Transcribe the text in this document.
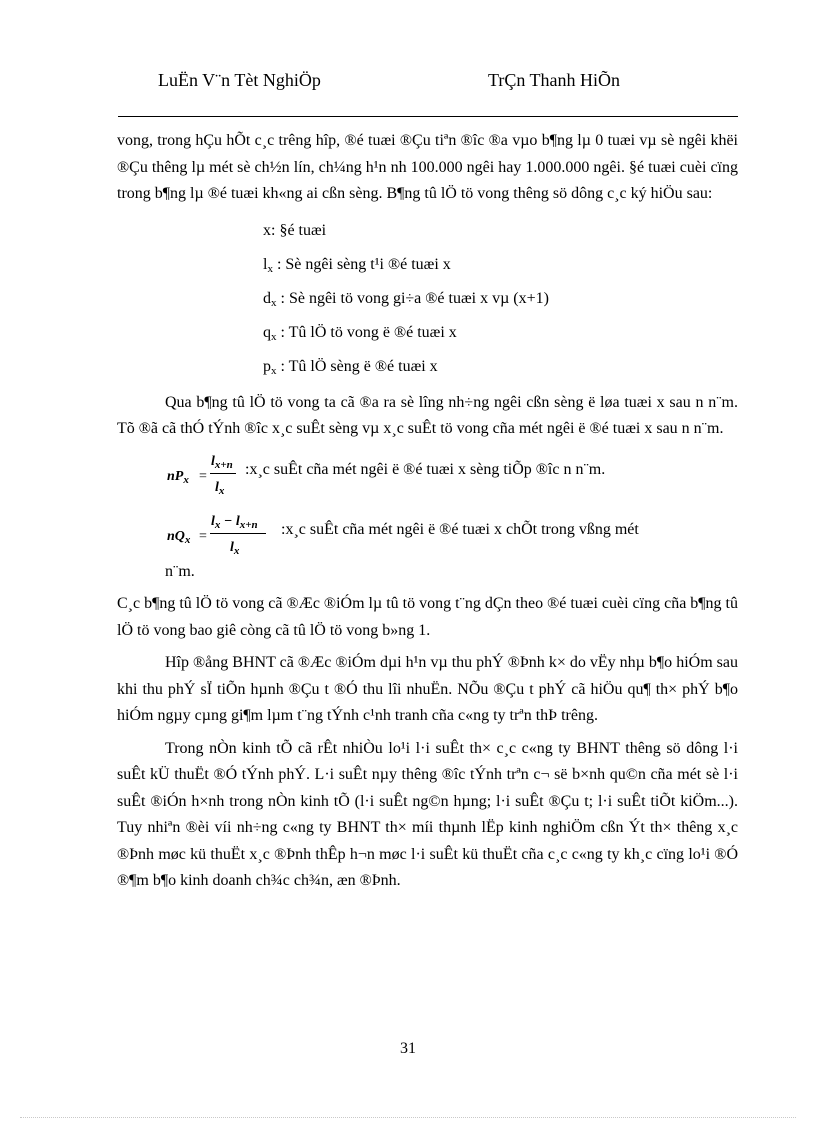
LuËn V¨n Tèt NghiÖp	TrÇn Thanh HiÕn

vong, trong hÇu hÕt c¸c trêng hîp, ®é tuæi ®Çu tiªn ®îc ®a vµo b¶ng lµ 0 tuæi vµ sè ngêi khëi ®Çu thêng lµ mét sè ch½n lín, ch¼ng h¹n nh 100.000 ngêi hay 1.000.000 ngêi. §é tuæi cuèi cïng trong b¶ng lµ ®é tuæi kh«ng ai cßn sèng. B¶ng tû lÖ tö vong thêng sö dông c¸c ký hiÖu sau:

x: §é tuæi
lx : Sè ngêi sèng t¹i ®é tuæi x
dx : Sè ngêi tö vong gi÷a ®é tuæi x vµ (x+1)
qx : Tû lÖ tö vong ë ®é tuæi x
px : Tû lÖ sèng ë ®é tuæi x

Qua b¶ng tû lÖ tö vong ta cã ®a ra sè lîng nh÷ng ngêi cßn sèng ë løa tuæi x sau n n¨m. Tõ ®ã cã thÓ tÝnh ®îc x¸c suÊt sèng vµ x¸c suÊt tö vong cña mét ngêi ë ®é tuæi x sau n n¨m.

$nP_x$ =
$l_{x+n}$
$l_x$
:x¸c suÊt cña mét ngêi ë ®é tuæi x sèng tiÕp ®îc n n¨m.
$nQ_x$ =
$l_x - l_{x+n}$
$l_x$
:x¸c suÊt cña mét ngêi ë ®é tuæi x chÕt trong vßng mét

n¨m.

C¸c b¶ng tû lÖ tö vong cã ®Æc ®iÓm lµ tû tö vong t¨ng dÇn theo ®é tuæi cuèi cïng cña b¶ng tû lÖ tö vong bao giê còng cã tû lÖ tö vong b»ng 1.

Hîp ®ång BHNT cã ®Æc ®iÓm dµi h¹n vµ thu phÝ ®Þnh k× do vËy nhµ b¶o hiÓm sau khi thu phÝ sÏ tiÕn hµnh ®Çu t ®Ó thu lîi nhuËn. NÕu ®Çu t phÝ cã hiÖu qu¶ th× phÝ b¶o hiÓm ngµy cµng gi¶m lµm t¨ng tÝnh c¹nh tranh cña c«ng ty trªn thÞ trêng.

Trong nÒn kinh tÕ cã rÊt nhiÒu lo¹i l·i suÊt th× c¸c c«ng ty BHNT thêng sö dông l·i suÊt kÜ thuËt ®Ó tÝnh phÝ. L·i suÊt nµy thêng ®îc tÝnh trªn c¬ së b×nh qu©n cña mét sè l·i suÊt ®iÓn h×nh trong nÒn kinh tÕ (l·i suÊt ng©n hµng; l·i suÊt ®Çu t; l·i suÊt tiÕt kiÖm...). Tuy nhiªn ®èi víi nh÷ng c«ng ty BHNT th× míi thµnh lËp kinh nghiÖm cßn Ýt th× thêng x¸c ®Þnh møc kü thuËt x¸c ®Þnh thÊp h¬n møc l·i suÊt kü thuËt cña c¸c c«ng ty kh¸c cïng lo¹i ®Ó ®¶m b¶o kinh doanh ch¾c ch¾n, æn ®Þnh.

31
